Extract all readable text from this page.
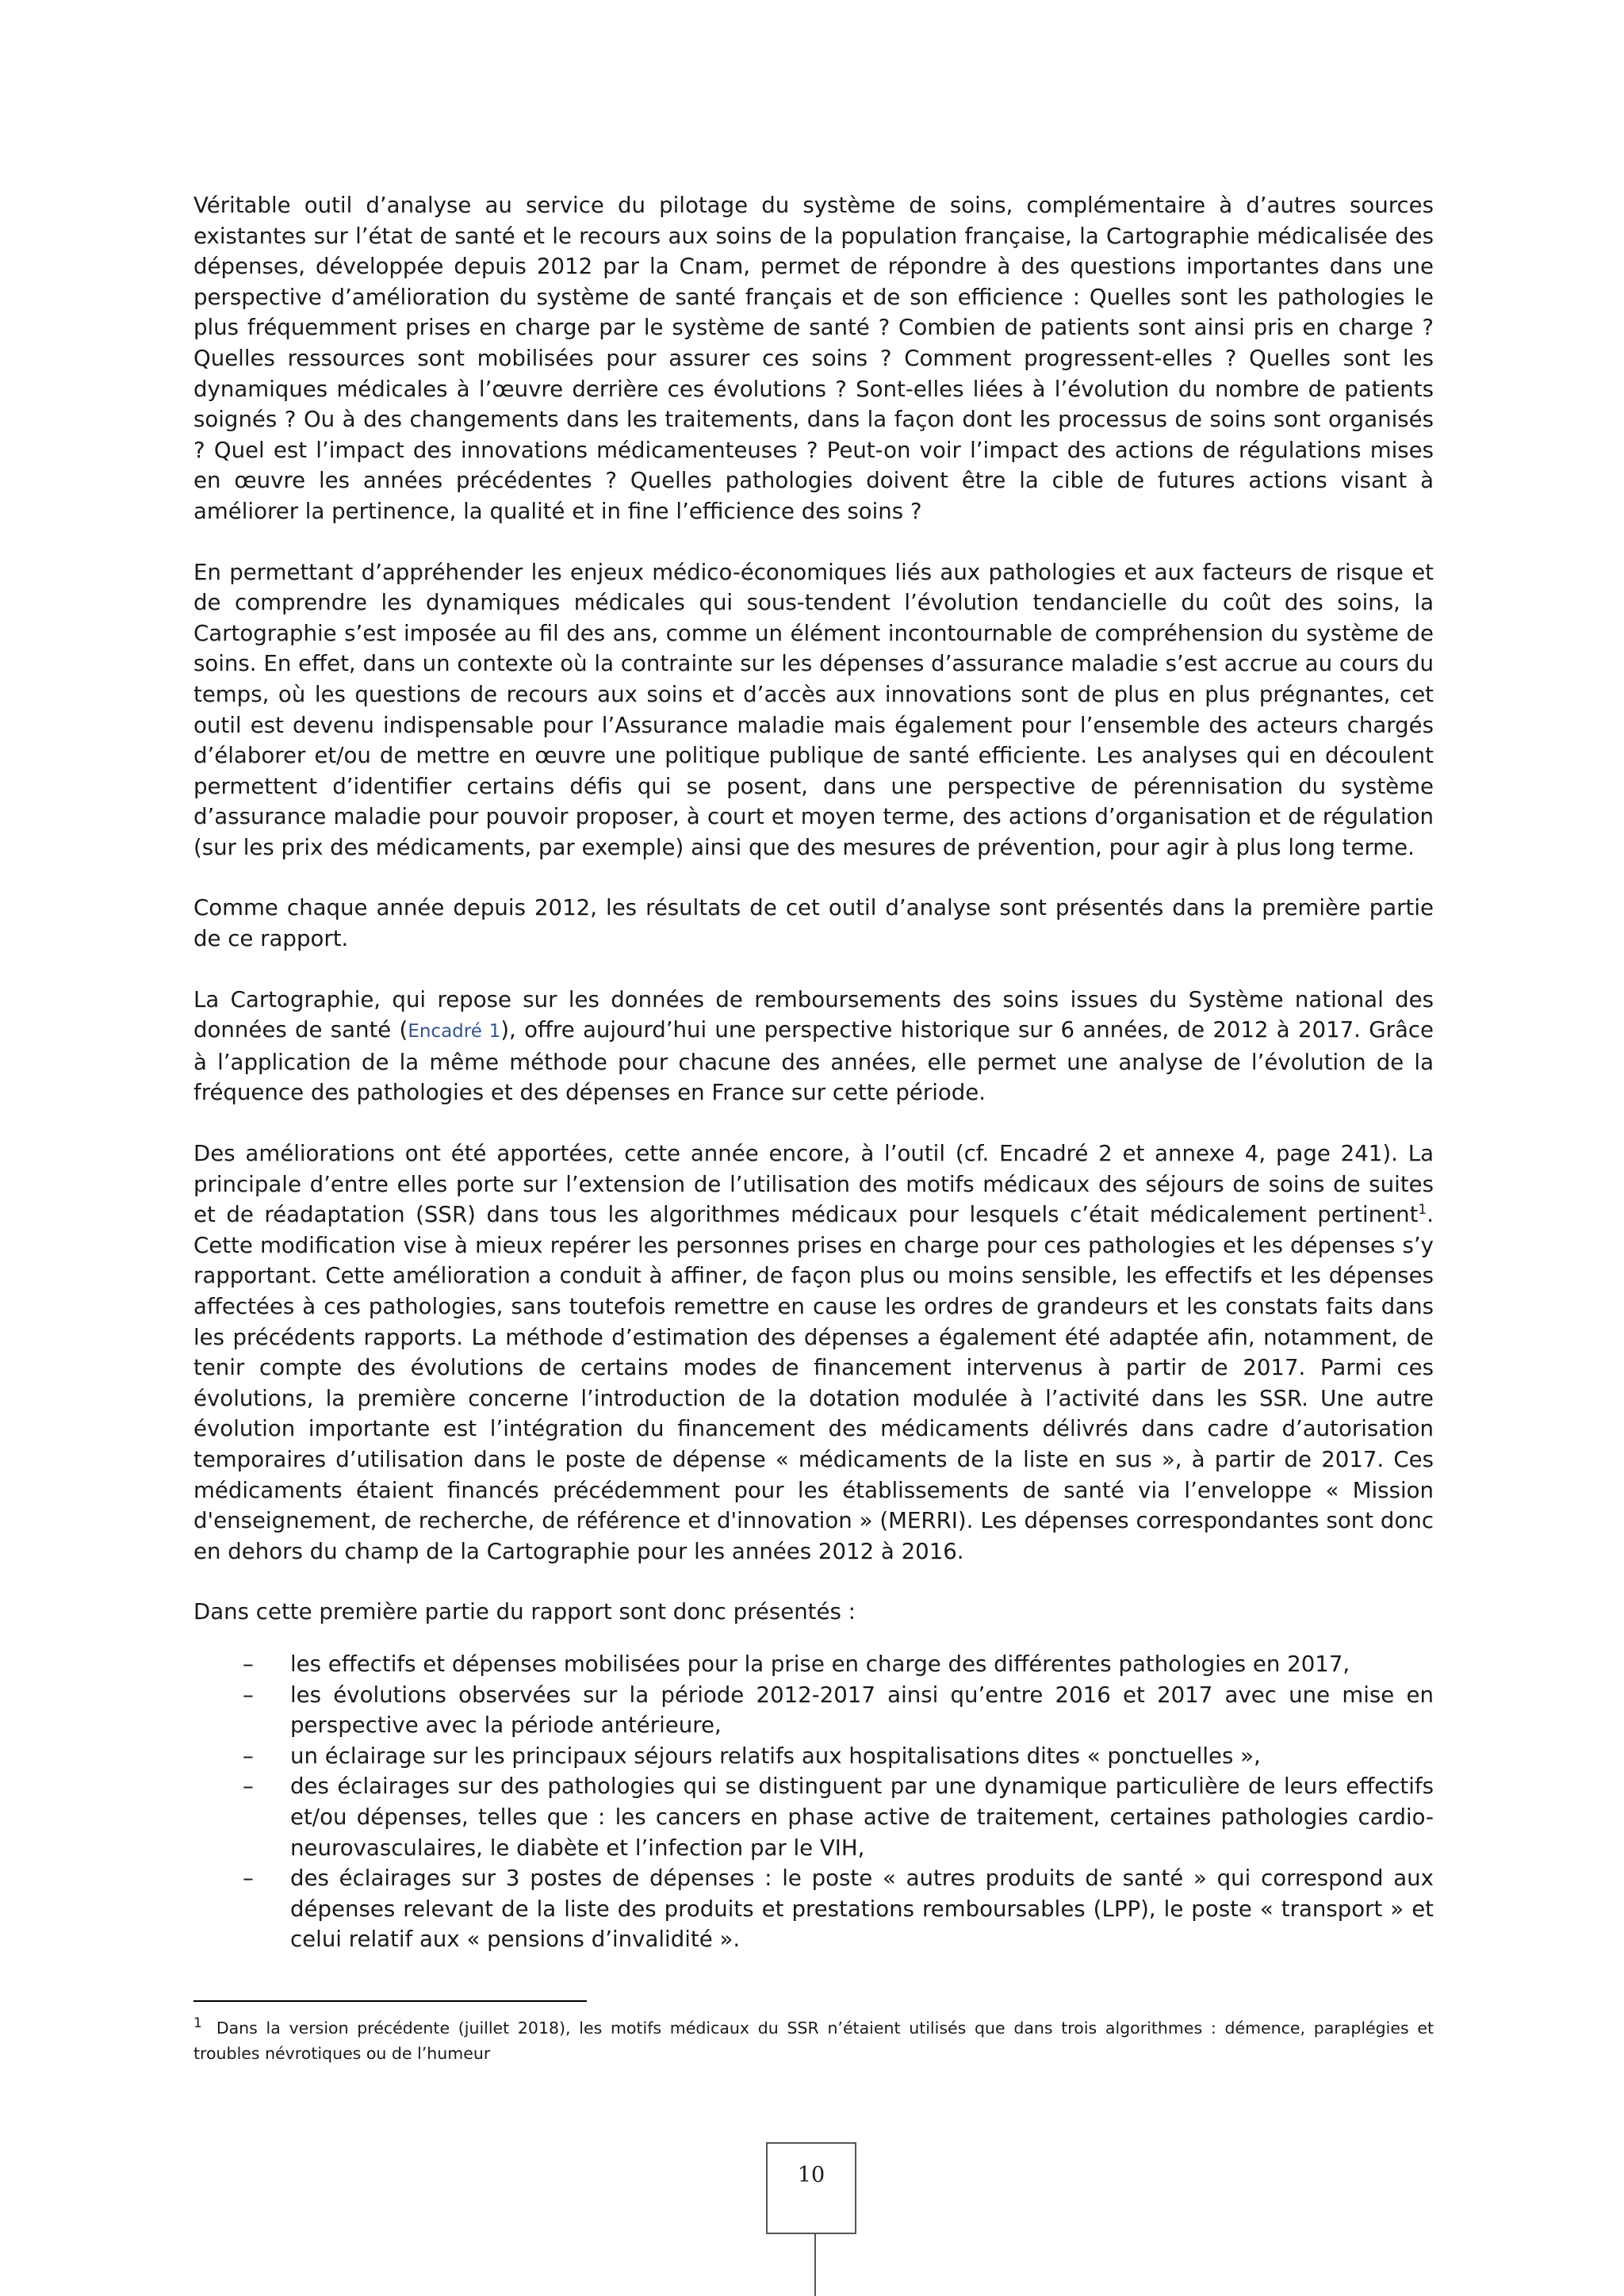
Véritable outil d’analyse au service du pilotage du système de soins, complémentaire à d’autres sources existantes sur l’état de santé et le recours aux soins de la population française, la Cartographie médicalisée des dépenses, développée depuis 2012 par la Cnam, permet de répondre à des questions importantes dans une perspective d’amélioration du système de santé français et de son efficience : Quelles sont les pathologies le plus fréquemment prises en charge par le système de santé ? Combien de patients sont ainsi pris en charge ? Quelles ressources sont mobilisées pour assurer ces soins ? Comment progressent-elles ? Quelles sont les dynamiques médicales à l’œuvre derrière ces évolutions ? Sont-elles liées à l’évolution du nombre de patients soignés ? Ou à des changements dans les traitements, dans la façon dont les processus de soins sont organisés ? Quel est l’impact des innovations médicamenteuses ? Peut-on voir l’impact des actions de régulations mises en œuvre les années précédentes ? Quelles pathologies doivent être la cible de futures actions visant à améliorer la pertinence, la qualité et in fine l’efficience des soins ?

En permettant d’appréhender les enjeux médico-économiques liés aux pathologies et aux facteurs de risque et de comprendre les dynamiques médicales qui sous-tendent l’évolution tendancielle du coût des soins, la Cartographie s’est imposée au fil des ans, comme un élément incontournable de compréhension du système de soins. En effet, dans un contexte où la contrainte sur les dépenses d’assurance maladie s’est accrue au cours du temps, où les questions de recours aux soins et d’accès aux innovations sont de plus en plus prégnantes, cet outil est devenu indispensable pour l’Assurance maladie mais également pour l’ensemble des acteurs chargés d’élaborer et/ou de mettre en œuvre une politique publique de santé efficiente. Les analyses qui en découlent permettent d’identifier certains défis qui se posent, dans une perspective de pérennisation du système d’assurance maladie pour pouvoir proposer, à court et moyen terme, des actions d’organisation et de régulation (sur les prix des médicaments, par exemple) ainsi que des mesures de prévention, pour agir à plus long terme.

Comme chaque année depuis 2012, les résultats de cet outil d’analyse sont présentés dans la première partie de ce rapport.

La Cartographie, qui repose sur les données de remboursements des soins issues du Système national des données de santé (Encadré 1), offre aujourd’hui une perspective historique sur 6 années, de 2012 à 2017. Grâce à l’application de la même méthode pour chacune des années, elle permet une analyse de l’évolution de la fréquence des pathologies et des dépenses en France sur cette période.

Des améliorations ont été apportées, cette année encore, à l’outil (cf. Encadré 2 et annexe 4, page 241). La principale d’entre elles porte sur l’extension de l’utilisation des motifs médicaux des séjours de soins de suites et de réadaptation (SSR) dans tous les algorithmes médicaux pour lesquels c’était médicalement pertinent$^1$. Cette modification vise à mieux repérer les personnes prises en charge pour ces pathologies et les dépenses s’y rapportant. Cette amélioration a conduit à affiner, de façon plus ou moins sensible, les effectifs et les dépenses affectées à ces pathologies, sans toutefois remettre en cause les ordres de grandeurs et les constats faits dans les précédents rapports. La méthode d’estimation des dépenses a également été adaptée afin, notamment, de tenir compte des évolutions de certains modes de financement intervenus à partir de 2017. Parmi ces évolutions, la première concerne l’introduction de la dotation modulée à l’activité dans les SSR. Une autre évolution importante est l’intégration du financement des médicaments délivrés dans cadre d’autorisation temporaires d’utilisation dans le poste de dépense « médicaments de la liste en sus », à partir de 2017. Ces médicaments étaient financés précédemment pour les établissements de santé via l’enveloppe « Mission d'enseignement, de recherche, de référence et d'innovation » (MERRI). Les dépenses correspondantes sont donc en dehors du champ de la Cartographie pour les années 2012 à 2016.

Dans cette première partie du rapport sont donc présentés :

– les effectifs et dépenses mobilisées pour la prise en charge des différentes pathologies en 2017,
– les évolutions observées sur la période 2012-2017 ainsi qu’entre 2016 et 2017 avec une mise en perspective avec la période antérieure,
– un éclairage sur les principaux séjours relatifs aux hospitalisations dites « ponctuelles »,
– des éclairages sur des pathologies qui se distinguent par une dynamique particulière de leurs effectifs et/ou dépenses, telles que : les cancers en phase active de traitement, certaines pathologies cardio-neurovasculaires, le diabète et l’infection par le VIH,
– des éclairages sur 3 postes de dépenses : le poste « autres produits de santé » qui correspond aux dépenses relevant de la liste des produits et prestations remboursables (LPP), le poste « transport » et celui relatif aux « pensions d’invalidité ».
$^1$ Dans la version précédente (juillet 2018), les motifs médicaux du SSR n’étaient utilisés que dans trois algorithmes : démence, paraplégies et troubles névrotiques ou de l’humeur
10
